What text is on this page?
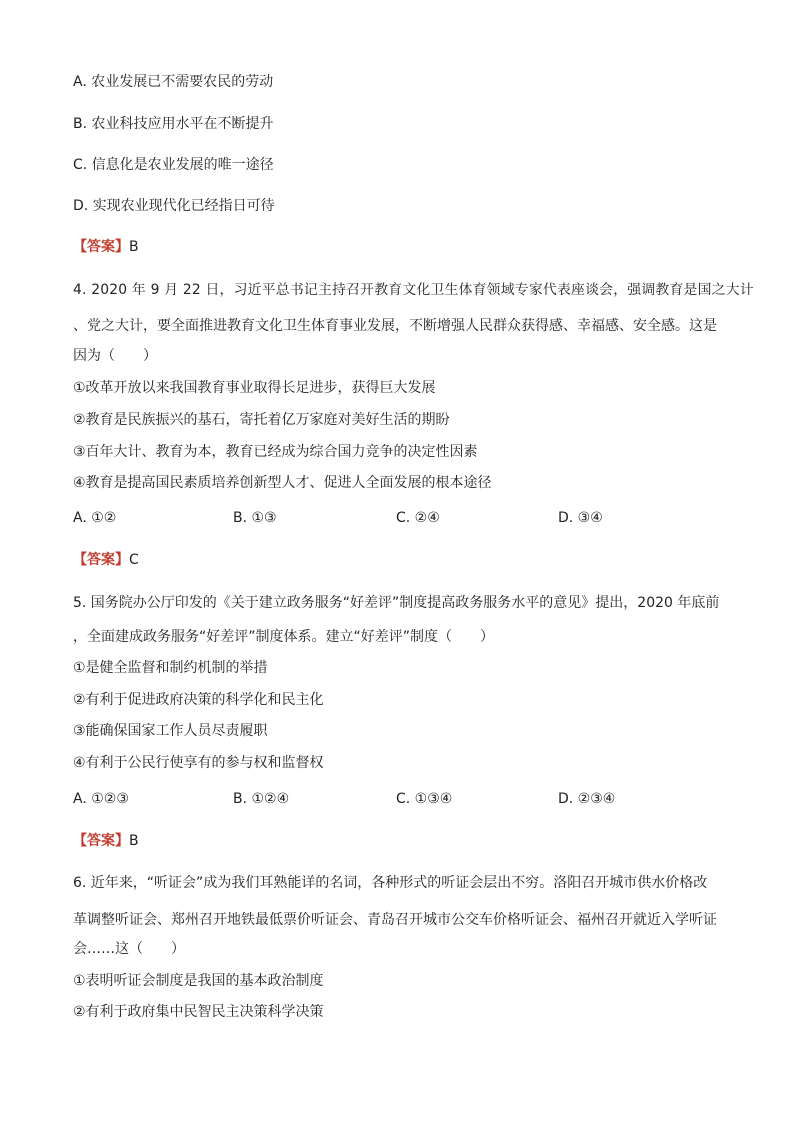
A. 农业发展已不需要农民的劳动
B. 农业科技应用水平在不断提升
C. 信息化是农业发展的唯一途径
D. 实现农业现代化已经指日可待
【答案】B
4. 2020 年 9 月 22 日，习近平总书记主持召开教育文化卫生体育领域专家代表座谈会，强调教育是国之大计
、党之大计，要全面推进教育文化卫生体育事业发展，不断增强人民群众获得感、幸福感、安全感。这是
因为（　　）
①改革开放以来我国教育事业取得长足进步，获得巨大发展
②教育是民族振兴的基石，寄托着亿万家庭对美好生活的期盼
③百年大计、教育为本，教育已经成为综合国力竞争的决定性因素
④教育是提高国民素质培养创新型人才、促进人全面发展的根本途径
A. ①②	B. ①③	C. ②④	D. ③④
【答案】C
5. 国务院办公厅印发的《关于建立政务服务“好差评”制度提高政务服务水平的意见》提出，2020 年底前
，全面建成政务服务“好差评”制度体系。建立“好差评”制度（　　）
①是健全监督和制约机制的举措
②有利于促进政府决策的科学化和民主化
③能确保国家工作人员尽责履职
④有利于公民行使享有的参与权和监督权
A. ①②③	B. ①②④	C. ①③④	D. ②③④
【答案】B
6. 近年来，“听证会”成为我们耳熟能详的名词，各种形式的听证会层出不穷。洛阳召开城市供水价格改
革调整听证会、郑州召开地铁最低票价听证会、青岛召开城市公交车价格听证会、福州召开就近入学听证
会……这（　　）
①表明听证会制度是我国的基本政治制度
②有利于政府集中民智民主决策科学决策
